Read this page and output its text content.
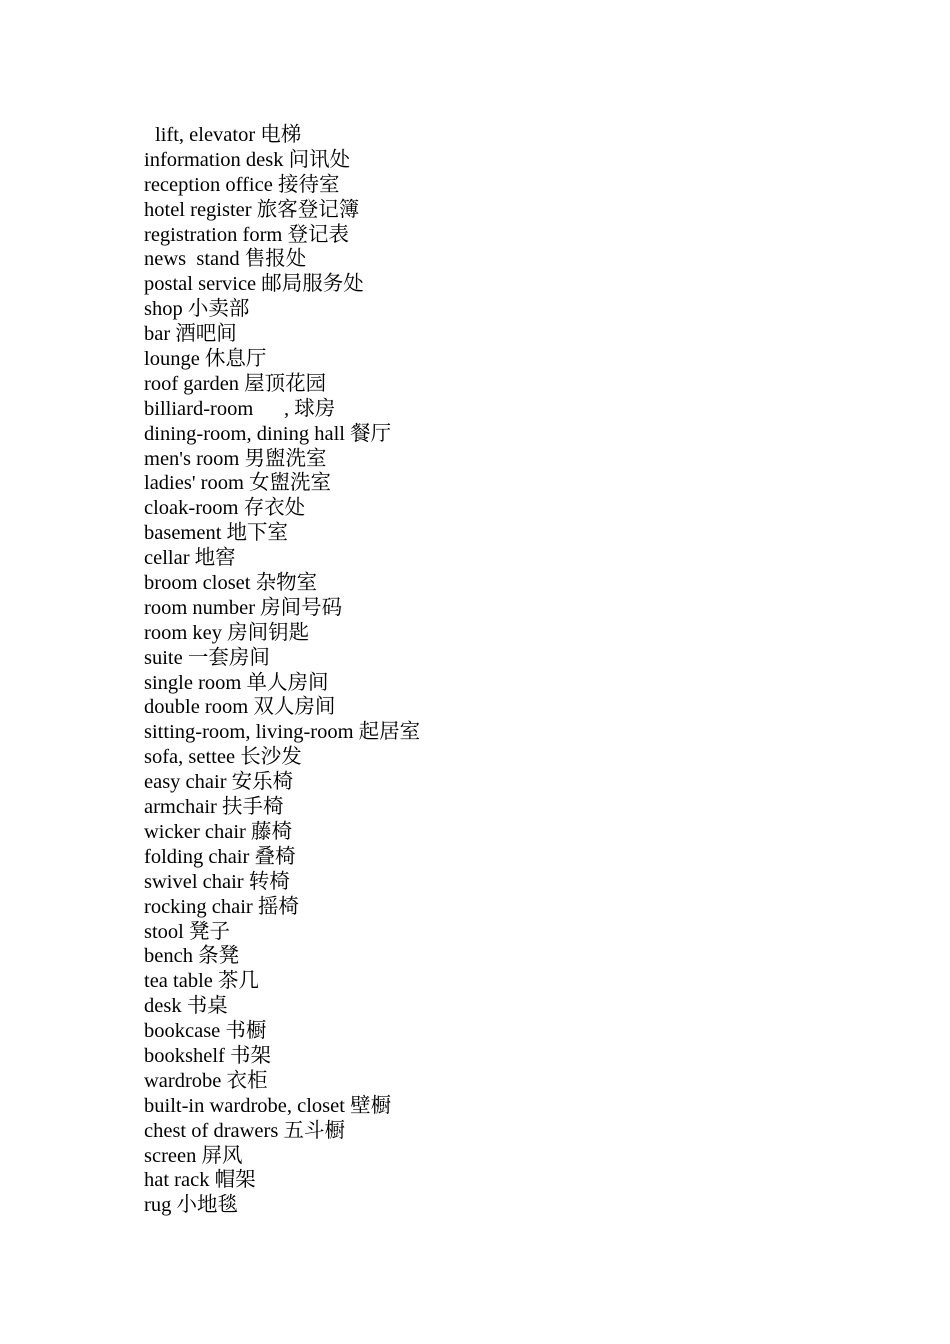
lift, elevator 电梯
information desk 问讯处
reception office 接待室
hotel register 旅客登记簿
registration form 登记表
news  stand 售报处
postal service 邮局服务处
shop 小卖部
bar 酒吧间
lounge 休息厅
roof garden 屋顶花园
billiard-room      , 球房
dining-room, dining hall 餐厅
men's room 男盥洗室
ladies' room 女盥洗室
cloak-room 存衣处
basement 地下室
cellar 地窖
broom closet 杂物室
room number 房间号码
room key 房间钥匙
suite 一套房间
single room 单人房间
double room 双人房间
sitting-room, living-room 起居室
sofa, settee 长沙发
easy chair 安乐椅
armchair 扶手椅
wicker chair 藤椅
folding chair 叠椅
swivel chair 转椅
rocking chair 摇椅
stool 凳子
bench 条凳
tea table 茶几
desk 书桌
bookcase 书橱
bookshelf 书架
wardrobe 衣柜
built-in wardrobe, closet 壁橱
chest of drawers 五斗橱
screen 屏风
hat rack 帽架
rug 小地毯
